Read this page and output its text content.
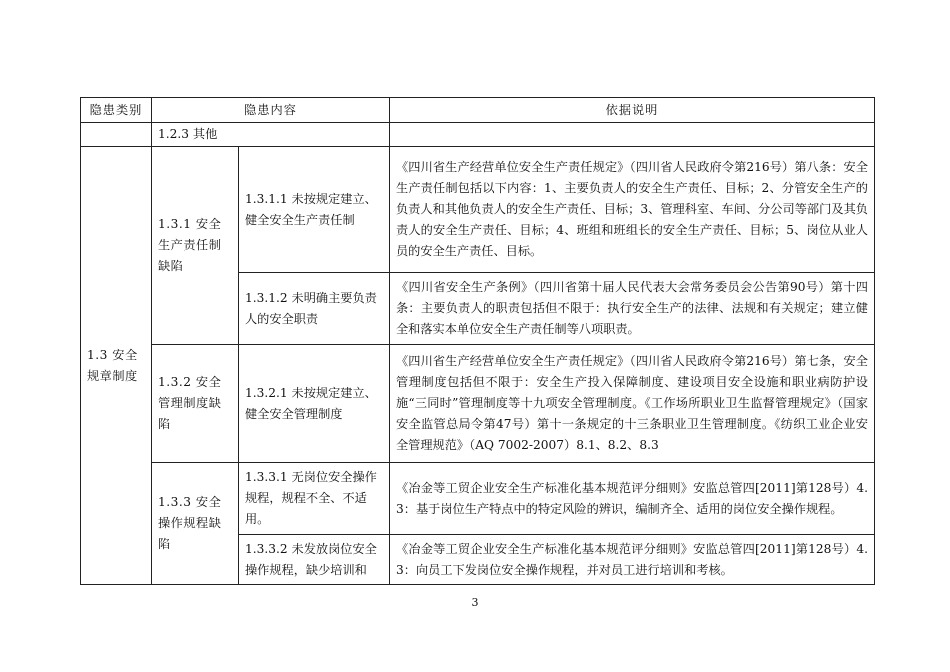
隐患类别	隐患内容		依据说明
	1.2.3 其他		
1.3 安全规章制度	1.3.1 安全生产责任制缺陷	1.3.1.1 未按规定建立、健全安全生产责任制	《四川省生产经营单位安全生产责任规定》（四川省人民政府令第216号）第八条：安全生产责任制包括以下内容：1、主要负责人的安全生产责任、目标；2、分管安全生产的负责人和其他负责人的安全生产责任、目标；3、管理科室、车间、分公司等部门及其负责人的安全生产责任、目标；4、班组和班组长的安全生产责任、目标；5、岗位从业人员的安全生产责任、目标。
		1.3.1.2 未明确主要负责人的安全职责	《四川省安全生产条例》（四川省第十届人民代表大会常务委员会公告第90号）第十四条：主要负责人的职责包括但不限于：执行安全生产的法律、法规和有关规定；建立健全和落实本单位安全生产责任制等八项职责。
	1.3.2 安全管理制度缺陷	1.3.2.1 未按规定建立、健全安全管理制度	《四川省生产经营单位安全生产责任规定》（四川省人民政府令第216号）第七条，安全管理制度包括但不限于：安全生产投入保障制度、建设项目安全设施和职业病防护设施“三同时”管理制度等十九项安全管理制度。《工作场所职业卫生监督管理规定》（国家安全监管总局令第47号）第十一条规定的十三条职业卫生管理制度。《纺织工业企业安全管理规范》（AQ 7002-2007）8.1、8.2、8.3
	1.3.3 安全操作规程缺陷	1.3.3.1 无岗位安全操作规程，规程不全、不适用。	《冶金等工贸企业安全生产标准化基本规范评分细则》安监总管四[2011]第128号）4.3：基于岗位生产特点中的特定风险的辨识，编制齐全、适用的岗位安全操作规程。
		1.3.3.2 未发放岗位安全操作规程，缺少培训和	《冶金等工贸企业安全生产标准化基本规范评分细则》安监总管四[2011]第128号）4.3：向员工下发岗位安全操作规程，并对员工进行培训和考核。
3
